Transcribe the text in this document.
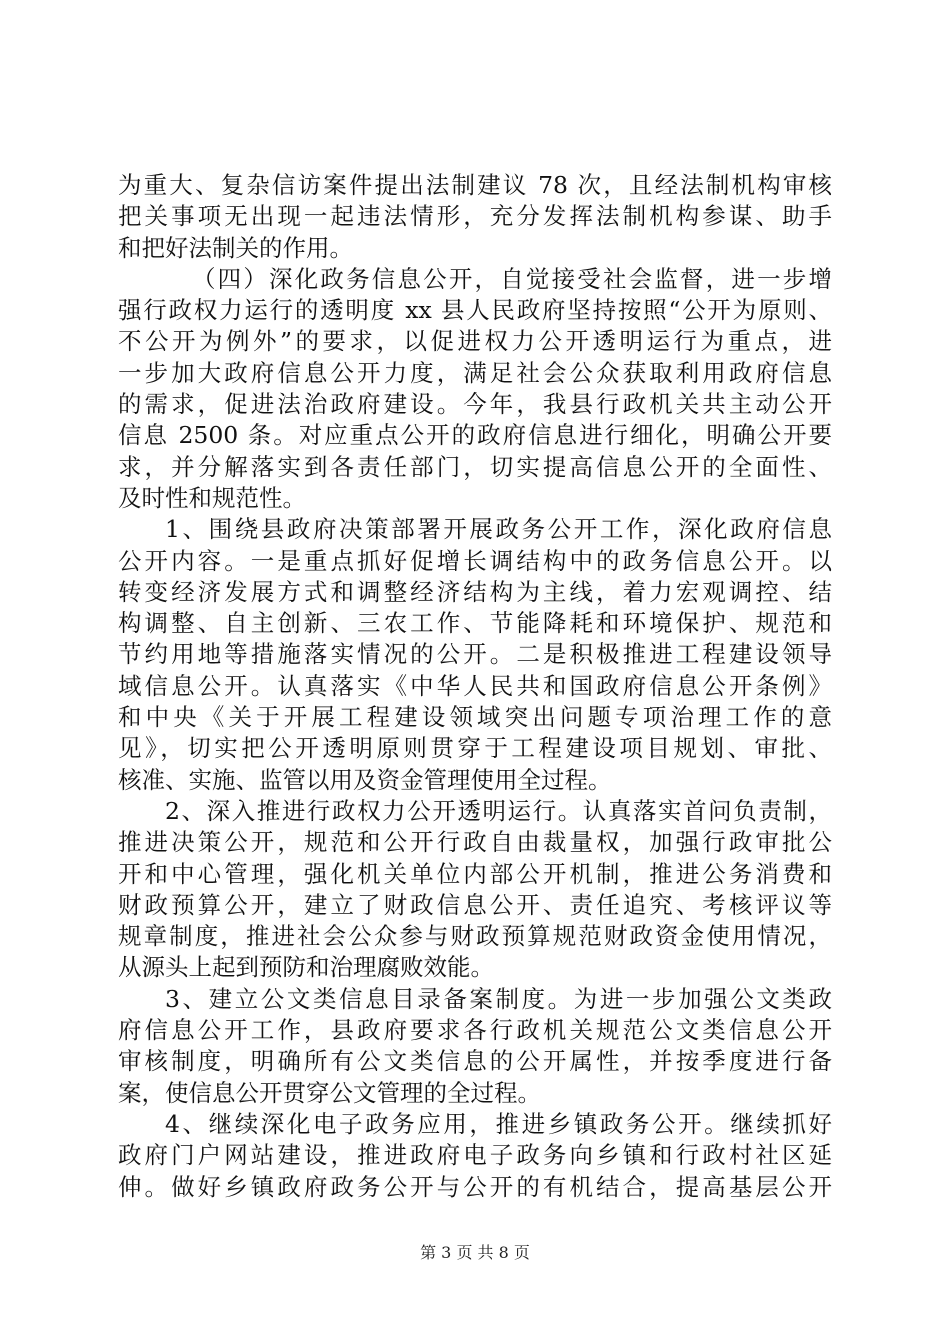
为重大、复杂信访案件提出法制建议 78 次，且经法制机构审核
把关事项无出现一起违法情形，充分发挥法制机构参谋、助手
和把好法制关的作用。
（四）深化政务信息公开，自觉接受社会监督，进一步增
强行政权力运行的透明度 xx 县人民政府坚持按照“公开为原则、
不公开为例外”的要求，以促进权力公开透明运行为重点，进
一步加大政府信息公开力度，满足社会公众获取利用政府信息
的需求，促进法治政府建设。今年，我县行政机关共主动公开
信息 2500 条。对应重点公开的政府信息进行细化，明确公开要
求，并分解落实到各责任部门，切实提高信息公开的全面性、
及时性和规范性。
1、围绕县政府决策部署开展政务公开工作，深化政府信息
公开内容。一是重点抓好促增长调结构中的政务信息公开。以
转变经济发展方式和调整经济结构为主线，着力宏观调控、结
构调整、自主创新、三农工作、节能降耗和环境保护、规范和
节约用地等措施落实情况的公开。二是积极推进工程建设领导
域信息公开。认真落实《中华人民共和国政府信息公开条例》
和中央《关于开展工程建设领域突出问题专项治理工作的意
见》，切实把公开透明原则贯穿于工程建设项目规划、审批、
核准、实施、监管以用及资金管理使用全过程。
2、深入推进行政权力公开透明运行。认真落实首问负责制，
推进决策公开，规范和公开行政自由裁量权，加强行政审批公
开和中心管理，强化机关单位内部公开机制，推进公务消费和
财政预算公开，建立了财政信息公开、责任追究、考核评议等
规章制度，推进社会公众参与财政预算规范财政资金使用情况，
从源头上起到预防和治理腐败效能。
3、建立公文类信息目录备案制度。为进一步加强公文类政
府信息公开工作，县政府要求各行政机关规范公文类信息公开
审核制度，明确所有公文类信息的公开属性，并按季度进行备
案，使信息公开贯穿公文管理的全过程。
4、继续深化电子政务应用，推进乡镇政务公开。继续抓好
政府门户网站建设，推进政府电子政务向乡镇和行政村社区延
伸。做好乡镇政府政务公开与公开的有机结合，提高基层公开
第 3 页 共 8 页
